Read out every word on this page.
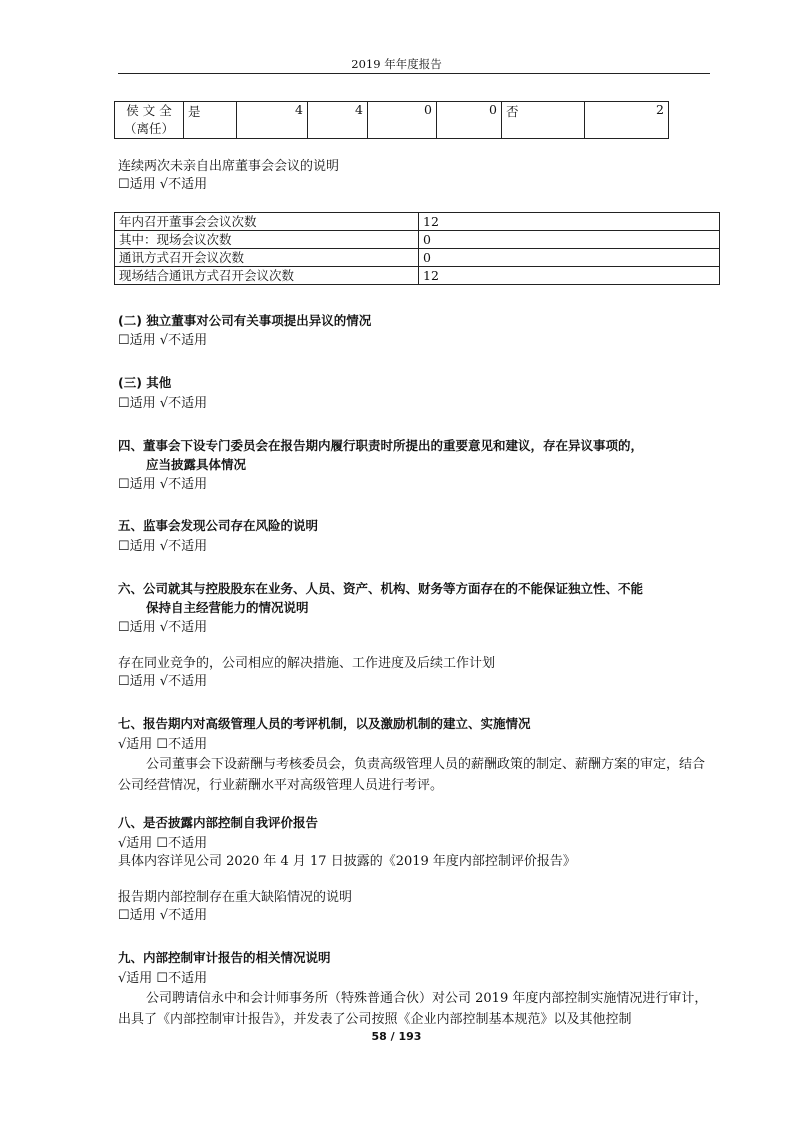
2019 年年度报告
侯 文 全
（离任）
	是	4	4	0	0	否	2
连续两次未亲自出席董事会会议的说明
☐适用 √不适用
年内召开董事会会议次数	12
其中：现场会议次数	0
通讯方式召开会议次数	0
现场结合通讯方式召开会议次数	12
(二) 独立董事对公司有关事项提出异议的情况
☐适用 √不适用
(三) 其他
☐适用 √不适用
四、董事会下设专门委员会在报告期内履行职责时所提出的重要意见和建议，存在异议事项的，
应当披露具体情况
☐适用 √不适用
五、监事会发现公司存在风险的说明
☐适用 √不适用
六、公司就其与控股股东在业务、人员、资产、机构、财务等方面存在的不能保证独立性、不能
保持自主经营能力的情况说明
☐适用 √不适用
存在同业竞争的，公司相应的解决措施、工作进度及后续工作计划
☐适用 √不适用
七、报告期内对高级管理人员的考评机制，以及激励机制的建立、实施情况
√适用 ☐不适用
公司董事会下设薪酬与考核委员会，负责高级管理人员的薪酬政策的制定、薪酬方案的审定，结合公司经营情况，行业薪酬水平对高级管理人员进行考评。
八、是否披露内部控制自我评价报告
√适用 ☐不适用
具体内容详见公司 2020 年 4 月 17 日披露的《2019 年度内部控制评价报告》
报告期内部控制存在重大缺陷情况的说明
☐适用 √不适用
九、内部控制审计报告的相关情况说明
√适用 ☐不适用
公司聘请信永中和会计师事务所（特殊普通合伙）对公司 2019 年度内部控制实施情况进行审计，出具了《内部控制审计报告》，并发表了公司按照《企业内部控制基本规范》以及其他控制
58 / 193
